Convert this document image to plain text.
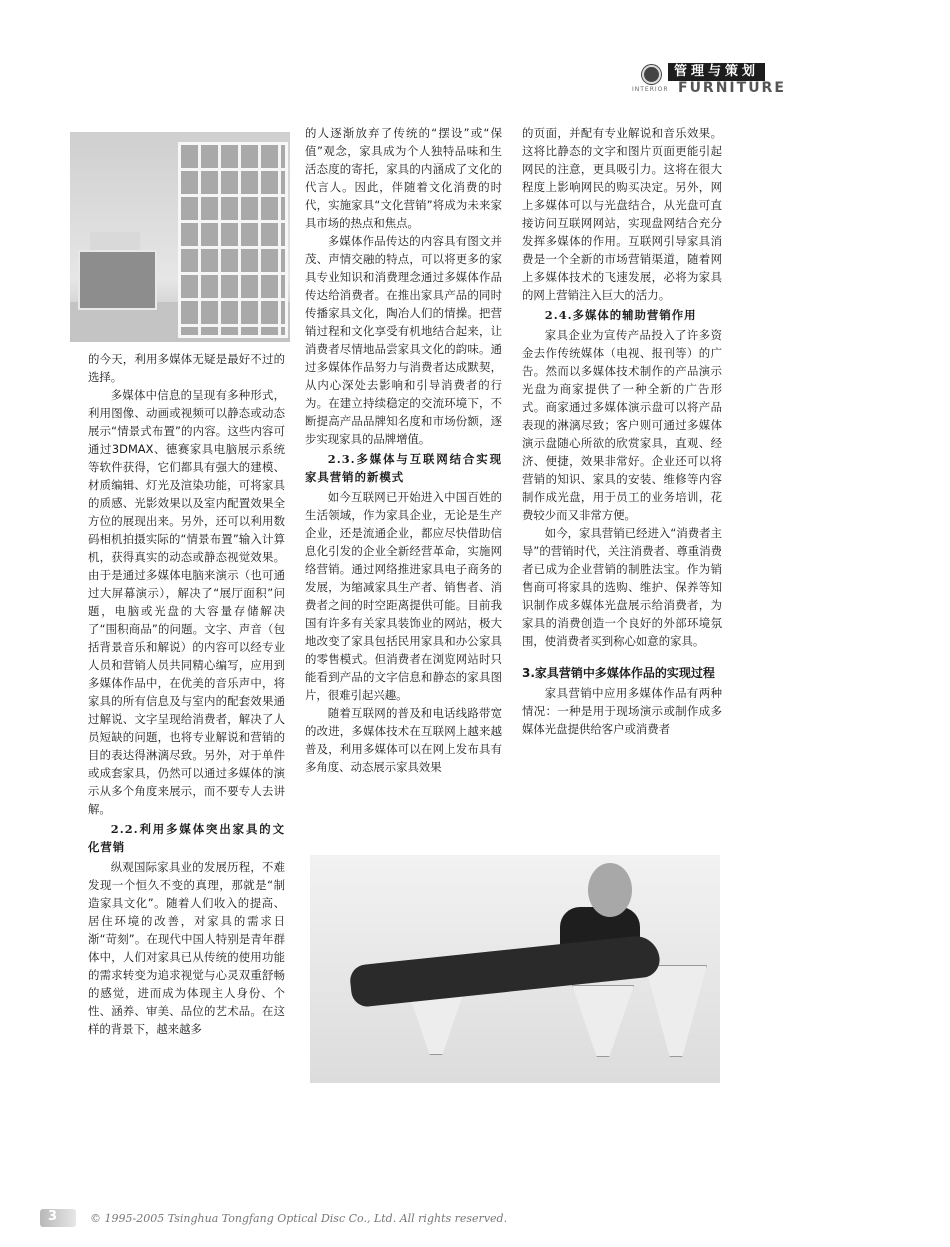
管理与策划
INTERIOR FURNITURE

的今天，利用多媒体无疑是最好不过的选择。

多媒体中信息的呈现有多种形式，利用图像、动画或视频可以静态或动态展示“情景式布置”的内容。这些内容可通过3DMAX、德赛家具电脑展示系统等软件获得，它们都具有强大的建模、材质编辑、灯光及渲染功能，可将家具的质感、光影效果以及室内配置效果全方位的展现出来。另外，还可以利用数码相机拍摄实际的“情景布置”输入计算机，获得真实的动态或静态视觉效果。由于是通过多媒体电脑来演示（也可通过大屏幕演示），解决了“展厅面积”问题，电脑或光盘的大容量存储解决了“围积商品”的问题。文字、声音（包括背景音乐和解说）的内容可以经专业人员和营销人员共同精心编写，应用到多媒体作品中，在优美的音乐声中，将家具的所有信息及与室内的配套效果通过解说、文字呈现给消费者，解决了人员短缺的问题，也将专业解说和营销的目的表达得淋漓尽致。另外，对于单件或成套家具，仍然可以通过多媒体的演示从多个角度来展示，而不要专人去讲解。

2.2.利用多媒体突出家具的文化营销

纵观国际家具业的发展历程，不难发现一个恒久不变的真理，那就是“制造家具文化”。随着人们收入的提高、居住环境的改善，对家具的需求日渐“苛刻”。在现代中国人特别是青年群体中，人们对家具已从传统的使用功能的需求转变为追求视觉与心灵双重舒畅的感觉，进而成为体现主人身份、个性、涵养、审美、品位的艺术品。在这样的背景下，越来越多

的人逐渐放弃了传统的“摆设”或“保值”观念，家具成为个人独特品味和生活态度的寄托，家具的内涵成了文化的代言人。因此，伴随着文化消费的时代，实施家具“文化营销”将成为未来家具市场的热点和焦点。

多媒体作品传达的内容具有图文并茂、声情交融的特点，可以将更多的家具专业知识和消费理念通过多媒体作品传达给消费者。在推出家具产品的同时传播家具文化，陶冶人们的情操。把营销过程和文化享受有机地结合起来，让消费者尽情地品尝家具文化的韵味。通过多媒体作品努力与消费者达成默契，从内心深处去影响和引导消费者的行为。在建立持续稳定的交流环境下，不断提高产品品牌知名度和市场份额，逐步实现家具的品牌增值。

2.3.多媒体与互联网结合实现家具营销的新模式

如今互联网已开始进入中国百姓的生活领域，作为家具企业，无论是生产企业，还是流通企业，都应尽快借助信息化引发的企业全新经营革命，实施网络营销。通过网络推进家具电子商务的发展，为缩减家具生产者、销售者、消费者之间的时空距离提供可能。目前我国有许多有关家具装饰业的网站，极大地改变了家具包括民用家具和办公家具的零售模式。但消费者在浏览网站时只能看到产品的文字信息和静态的家具图片，很难引起兴趣。

随着互联网的普及和电话线路带宽的改进，多媒体技术在互联网上越来越普及，利用多媒体可以在网上发布具有多角度、动态展示家具效果

的页面，并配有专业解说和音乐效果。这将比静态的文字和图片页面更能引起网民的注意，更具吸引力。这将在很大程度上影响网民的购买决定。另外，网上多媒体可以与光盘结合，从光盘可直接访问互联网网站，实现盘网结合充分发挥多媒体的作用。互联网引导家具消费是一个全新的市场营销渠道，随着网上多媒体技术的飞速发展，必将为家具的网上营销注入巨大的活力。

2.4.多媒体的辅助营销作用

家具企业为宣传产品投入了许多资金去作传统媒体（电视、报刊等）的广告。然而以多媒体技术制作的产品演示光盘为商家提供了一种全新的广告形式。商家通过多媒体演示盘可以将产品表现的淋漓尽致；客户则可通过多媒体演示盘随心所欲的欣赏家具，直观、经济、便捷，效果非常好。企业还可以将营销的知识、家具的安装、维修等内容制作成光盘，用于员工的业务培训，花费较少而又非常方便。

如今，家具营销已经进入“消费者主导”的营销时代，关注消费者、尊重消费者已成为企业营销的制胜法宝。作为销售商可将家具的选购、维护、保养等知识制作成多媒体光盘展示给消费者，为家具的消费创造一个良好的外部环境氛围，使消费者买到称心如意的家具。

3.家具营销中多媒体作品的实现过程

家具营销中应用多媒体作品有两种情况：一种是用于现场演示或制作成多媒体光盘提供给客户或消费者

3	© 1995-2005 Tsinghua Tongfang Optical Disc Co., Ltd. All rights reserved.
